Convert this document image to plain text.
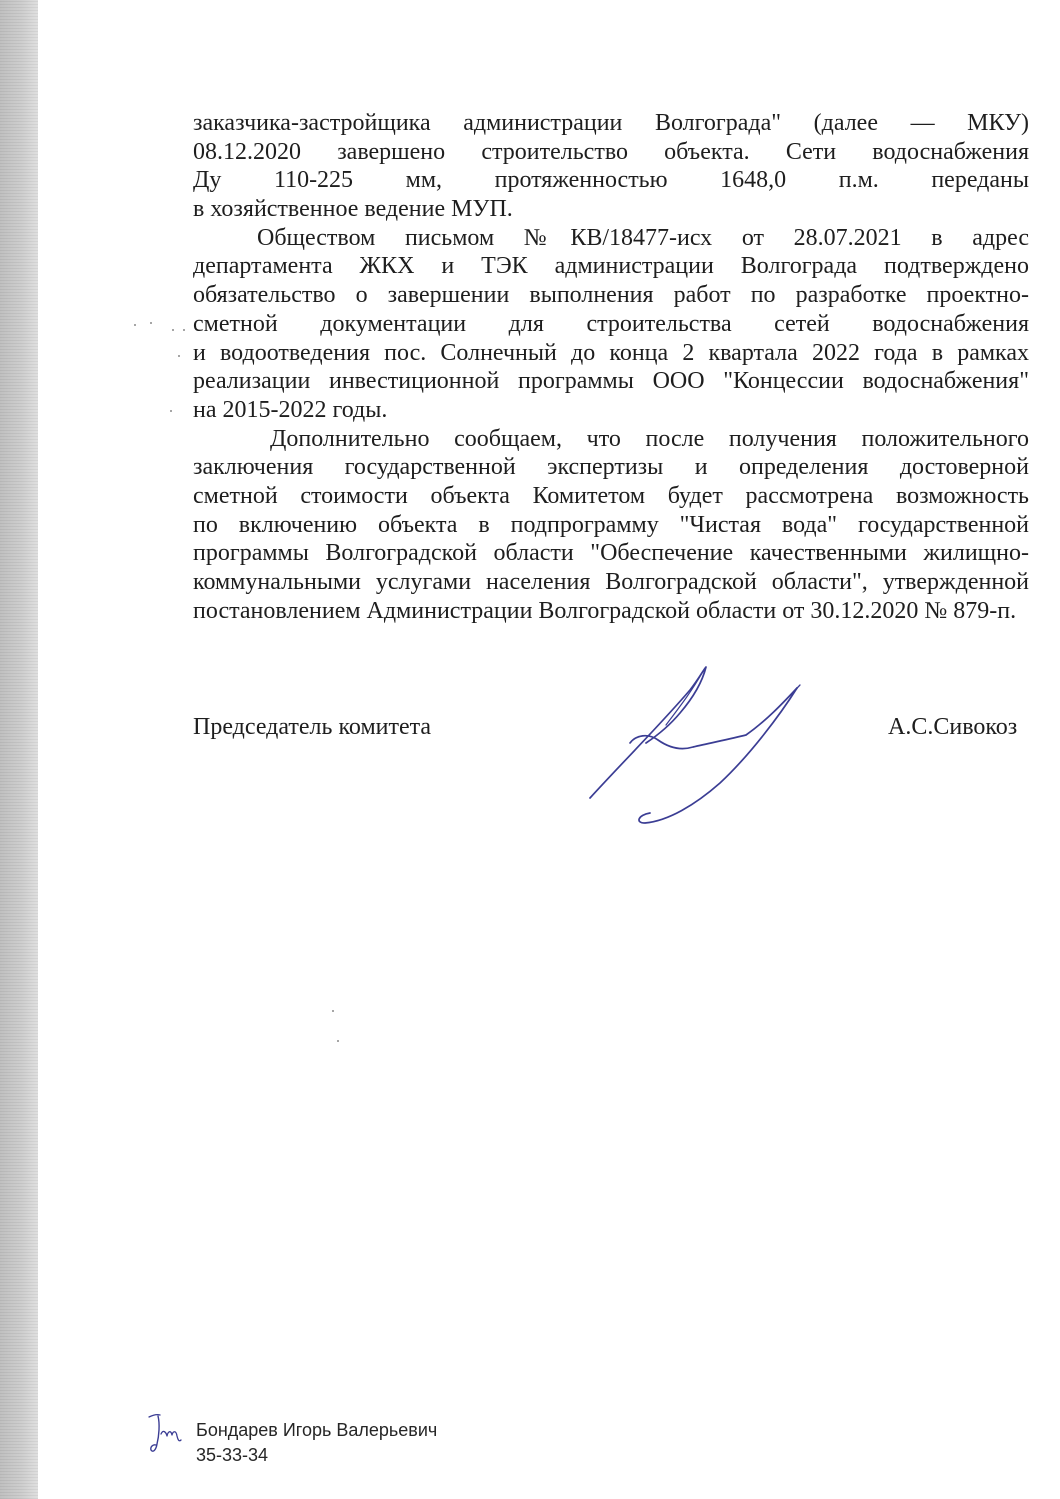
заказчика-застройщика администрации Волгограда" (далее — МКУ)
08.12.2020 завершено строительство объекта. Сети водоснабжения
Ду 110-225 мм, протяженностью 1648,0 п.м. переданы
в хозяйственное ведение МУП.
Обществом письмом №КВ/18477-исх от 28.07.2021 в адрес
департамента ЖКХ и ТЭК администрации Волгограда подтверждено
обязательство о завершении выполнения работ по разработке проектно-
сметной документации для строительства сетей водоснабжения
и водоотведения пос. Солнечный до конца 2 квартала 2022 года в рамках
реализации инвестиционной программы ООО "Концессии водоснабжения"
на 2015-2022 годы.
Дополнительно сообщаем, что после получения положительного
заключения государственной экспертизы и определения достоверной
сметной стоимости объекта Комитетом будет рассмотрена возможность
по включению объекта в подпрограмму "Чистая вода" государственной
программы Волгоградской области "Обеспечение качественными жилищно-
коммунальными услугами населения Волгоградской области", утвержденной
постановлением Администрации Волгоградской области от 30.12.2020 № 879-п.
Председатель комитета	А.С.Сивокоз
Бондарев Игорь Валерьевич
35-33-34
